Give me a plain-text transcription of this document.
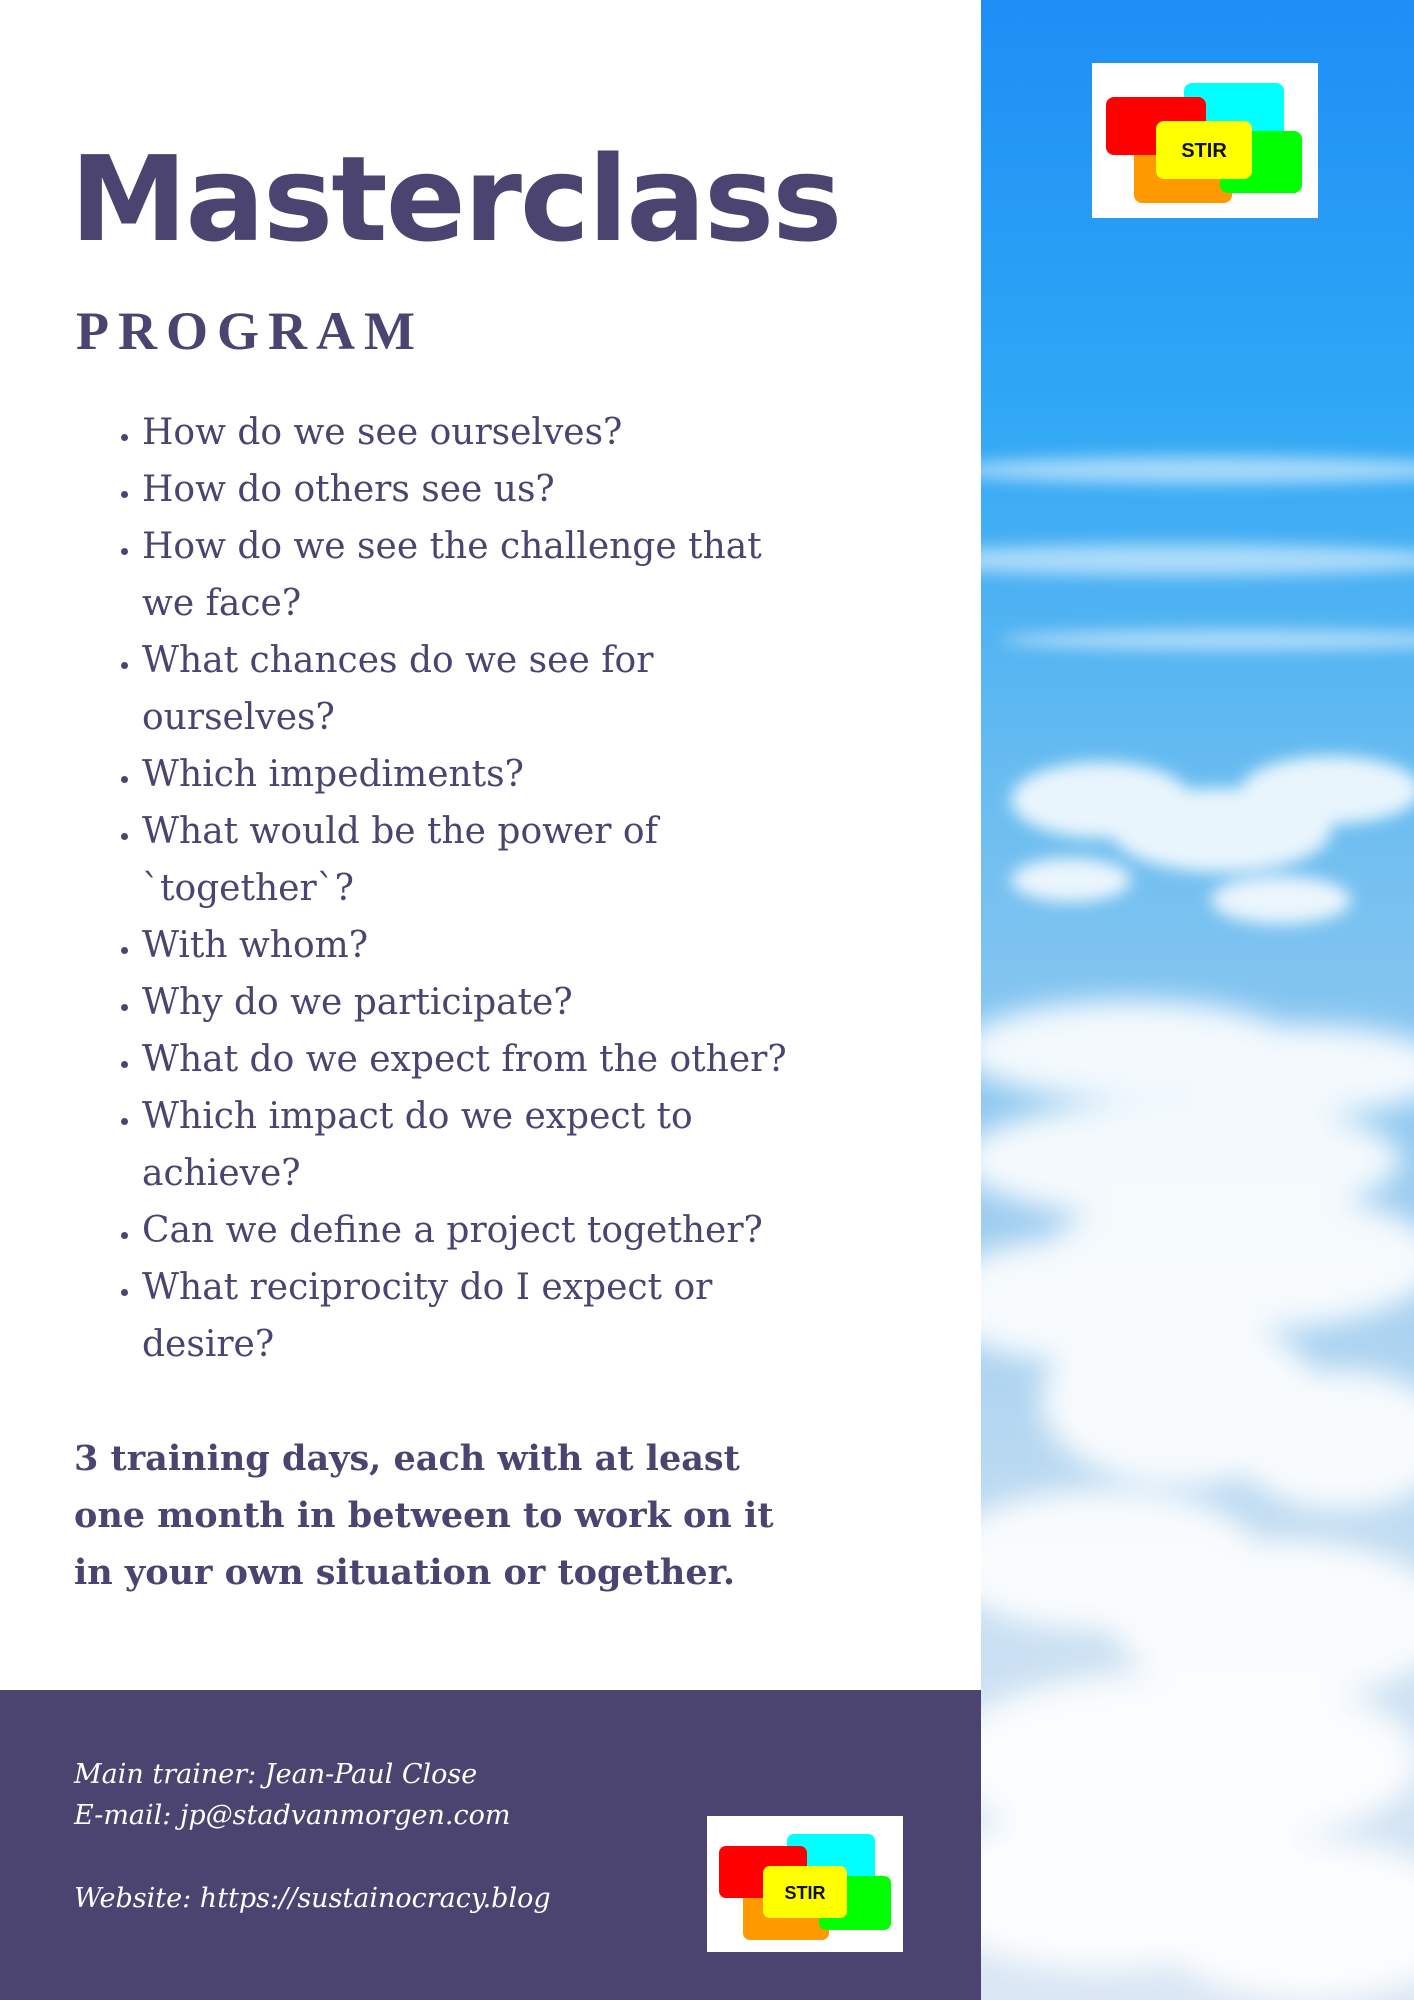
Masterclass
PROGRAM
• How do we see ourselves?
• How do others see us?
• How do we see the challenge that we face?
• What chances do we see for ourselves?
• Which impediments?
• What would be the power of `together`?
• With whom?
• Why do we participate?
• What do we expect from the other?
• Which impact do we expect to achieve?
• Can we define a project together?
• What reciprocity do I expect or desire?
3 training days, each with at least one month in between to work on it in your own situation or together.
Main trainer: Jean-Paul Close
E-mail: jp@stadvanmorgen.com
Website: https://sustainocracy.blog
STIR
STIR
